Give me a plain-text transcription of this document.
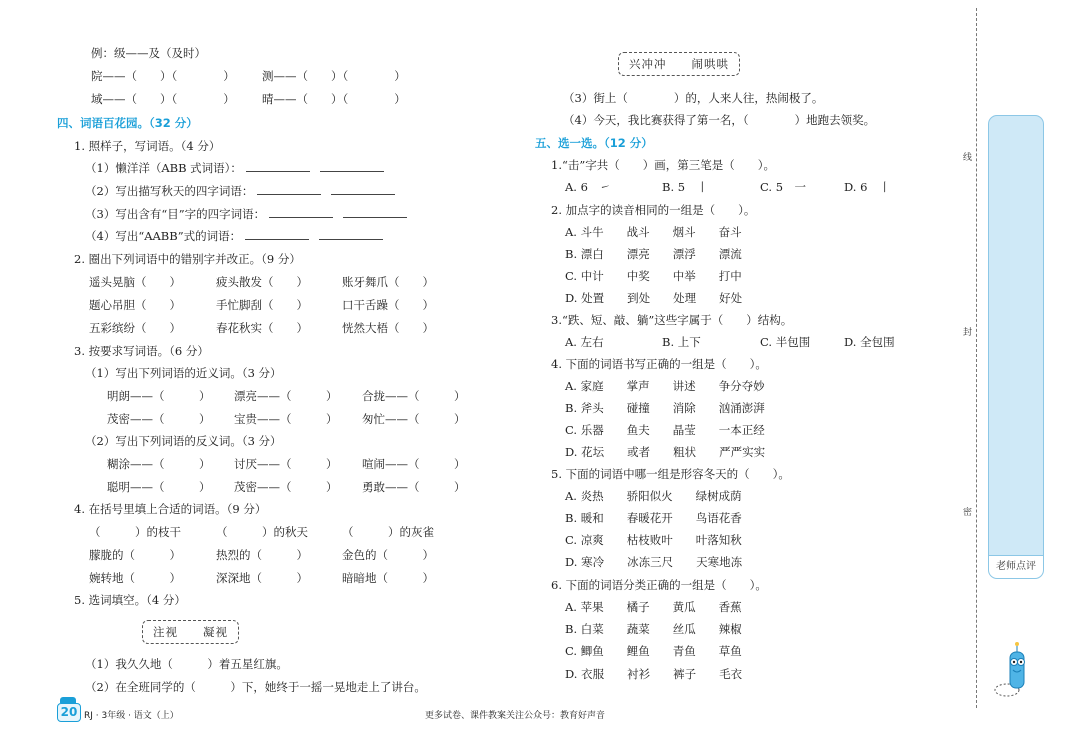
例：级——及（及时）
院——（　　）（　　　　） 测——（　　）（　　　　）
域——（　　）（　　　　） 晴——（　　）（　　　　）
四、词语百花园。（32 分）
1. 照样子，写词语。（4 分）
（1）懒洋洋（ABB 式词语）：
（2）写出描写秋天的四字词语：
（3）写出含有“目”字的四字词语：
（4）写出“AABB”式的词语：
2. 圈出下列词语中的错别字并改正。（9 分）
遥头晃脑（　　）	疲头散发（　　）	账牙舞爪（　　）
题心吊胆（　　）	手忙脚刮（　　）	口干舌躁（　　）
五彩缤纷（　　）	春花秋实（　　）	恍然大梧（　　）
3. 按要求写词语。（6 分）
（1）写出下列词语的近义词。（3 分）
明朗——（　　　） 漂亮——（　　　） 合拢——（　　　）
茂密——（　　　） 宝贵——（　　　） 匆忙——（　　　）
（2）写出下列词语的反义词。（3 分）
糊涂——（　　　） 讨厌——（　　　） 喧闹——（　　　）
聪明——（　　　） 茂密——（　　　） 勇敢——（　　　）
4. 在括号里填上合适的词语。（9 分）
（　　　）的枝干	（　　　）的秋天	（　　　）的灰雀
朦胧的（　　　）	热烈的（　　　）	金色的（　　　）
婉转地（　　　）	深深地（　　　）	暗暗地（　　　）
5. 选词填空。（4 分）
注视　　凝视
（1）我久久地（　　　）着五星红旗。
（2）在全班同学的（　　　）下，她终于一摇一晃地走上了讲台。
兴冲冲　　闹哄哄
（3）街上（　　　　）的，人来人往，热闹极了。
（4）今天，我比赛获得了第一名，（　　　　）地跑去领奖。
五、选一选。（12 分）
1.“击”字共（　　）画，第三笔是（　　）。
A. 6　㇀	B. 5　丨	C. 5　一	D. 6　丨
2. 加点字的读音相同的一组是（　　）。
A. 斗牛　　战斗　　烟斗　　奋斗
B. 漂白　　漂亮　　漂浮　　漂流
C. 中计　　中奖　　中举　　打中
D. 处置　　到处　　处理　　好处
3.“跌、短、敲、躺”这些字属于（　　）结构。
A. 左右	B. 上下	C. 半包围	D. 全包围
4. 下面的词语书写正确的一组是（　　）。
A. 家庭　　掌声　　讲述　　争分夺妙
B. 斧头　　碰撞　　消除　　汹涌澎湃
C. 乐器　　鱼夫　　晶莹　　一本正经
D. 花坛　　或者　　粗状　　严严实实
5. 下面的词语中哪一组是形容冬天的（　　）。
A. 炎热　　骄阳似火　　绿树成荫
B. 暖和　　春暖花开　　鸟语花香
C. 凉爽　　枯枝败叶　　叶落知秋
D. 寒冷　　冰冻三尺　　天寒地冻
6. 下面的词语分类正确的一组是（　　）。
A. 苹果　　橘子　　黄瓜　　香蕉
B. 白菜　　蔬菜　　丝瓜　　辣椒
C. 鲫鱼　　鲤鱼　　青鱼　　草鱼
D. 衣服　　衬衫　　裤子　　毛衣
线
封
密
老师点评
20 RJ · 3年级 · 语文（上）	更多试卷、课件教案关注公众号：教育好声音
